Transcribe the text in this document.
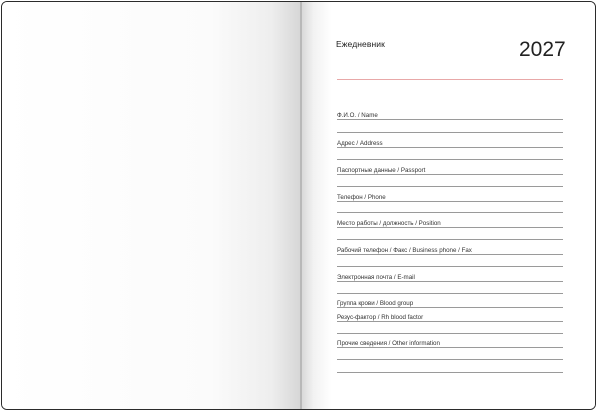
Ежедневник	2027
Ф.И.О. / Name
Адрес / Address
Паспортные данные / Passport
Телефон / Phone
Место работы / должность / Position
Рабочий телефон / Факс / Business phone / Fax
Электронная почта / E-mail
Группа крови / Blood group
Резус-фактор / Rh blood factor
Прочие сведения / Other information
